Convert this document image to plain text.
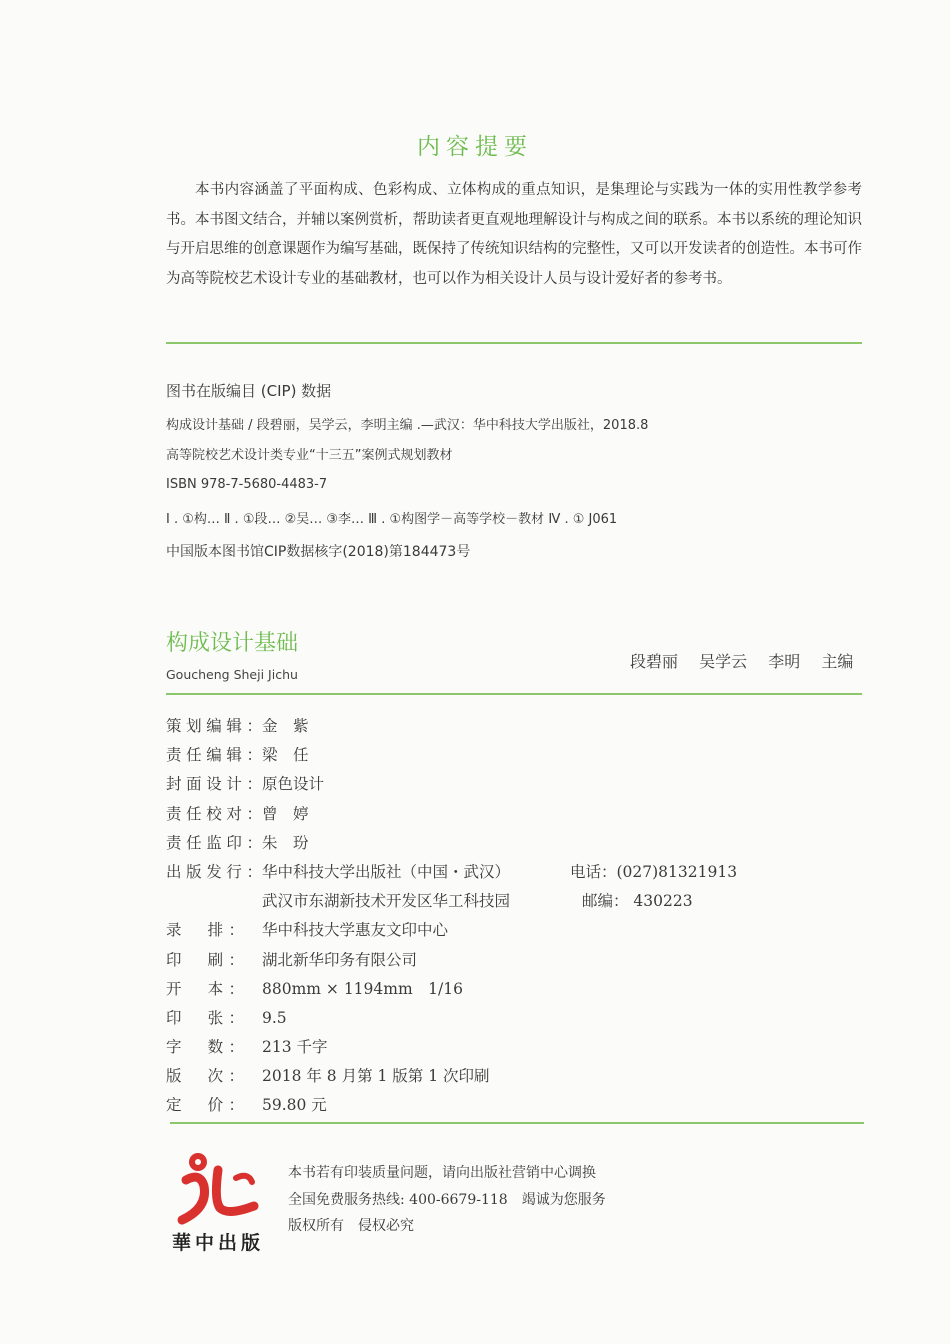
内容提要

本书内容涵盖了平面构成、色彩构成、立体构成的重点知识，是集理论与实践为一体的实用性教学参考书。本书图文结合，并辅以案例赏析，帮助读者更直观地理解设计与构成之间的联系。本书以系统的理论知识与开启思维的创意课题作为编写基础，既保持了传统知识结构的完整性，又可以开发读者的创造性。本书可作为高等院校艺术设计专业的基础教材，也可以作为相关设计人员与设计爱好者的参考书。

图书在版编目 (CIP) 数据
构成设计基础 / 段碧丽，吴学云，李明主编 .—武汉：华中科技大学出版社，2018.8
高等院校艺术设计类专业“十三五”案例式规划教材
ISBN 978-7-5680-4483-7
Ⅰ . ①构… Ⅱ . ①段… ②吴… ③李… Ⅲ . ①构图学－高等学校－教材 Ⅳ . ① J061
中国版本图书馆CIP数据核字(2018)第184473号
构成设计基础
Goucheng Sheji Jichu
段碧丽 吴学云 李明 主编
策划编辑：金　紫
责任编辑：梁　任
封面设计：原色设计
责任校对：曾　婷
责任监印：朱　玢
出版发行：华中科技大学出版社（中国・武汉）	电话：(027)81321913
武汉市东湖新技术开发区华工科技园	邮编： 430223
录　排： 华中科技大学惠友文印中心
印　刷： 湖北新华印务有限公司
开　本： 880mm × 1194mm　1/16
印　张： 9.5
字　数： 213 千字
版　次： 2018 年 8 月第 1 版第 1 次印刷
定　价： 59.80 元
華中出版
本书若有印装质量问题，请向出版社营销中心调换
全国免费服务热线: 400-6679-118　竭诚为您服务
版权所有　侵权必究
